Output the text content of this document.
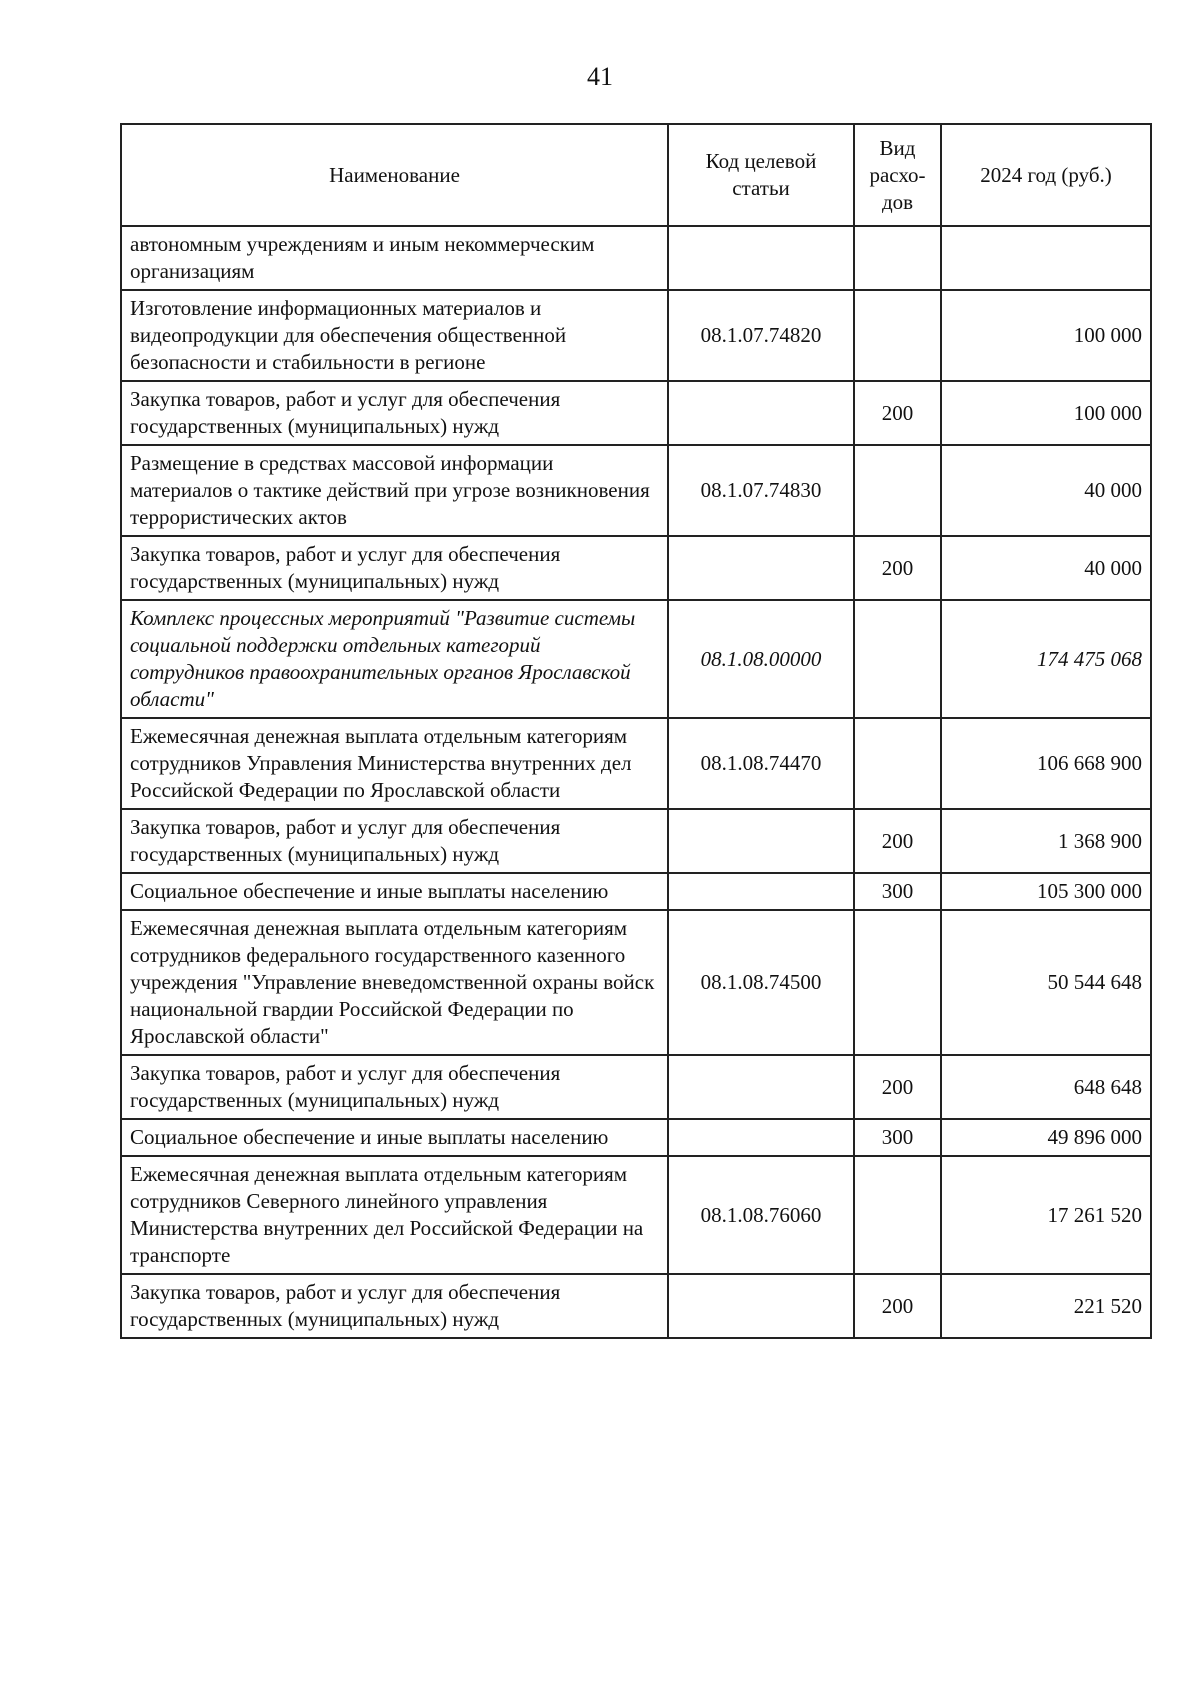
41
Наименование	Код целевой статьи	Вид расхо-дов	2024 год (руб.)
автономным учреждениям и иным некоммерческим организациям			
Изготовление информационных материалов и видеопродукции для обеспечения общественной безопасности и стабильности в регионе	08.1.07.74820		100 000
Закупка товаров, работ и услуг для обеспечения государственных (муниципальных) нужд		200	100 000
Размещение в средствах массовой информации материалов о тактике действий при угрозе возникновения террористических актов	08.1.07.74830		40 000
Закупка товаров, работ и услуг для обеспечения государственных (муниципальных) нужд		200	40 000
Комплекс процессных мероприятий "Развитие системы социальной поддержки отдельных категорий сотрудников правоохранительных органов Ярославской области"	08.1.08.00000		174 475 068
Ежемесячная денежная выплата отдельным категориям сотрудников Управления Министерства внутренних дел Российской Федерации по Ярославской области	08.1.08.74470		106 668 900
Закупка товаров, работ и услуг для обеспечения государственных (муниципальных) нужд		200	1 368 900
Социальное обеспечение и иные выплаты населению		300	105 300 000
Ежемесячная денежная выплата отдельным категориям сотрудников федерального государственного казенного учреждения "Управление вневедомственной охраны войск национальной гвардии Российской Федерации по Ярославской области"	08.1.08.74500		50 544 648
Закупка товаров, работ и услуг для обеспечения государственных (муниципальных) нужд		200	648 648
Социальное обеспечение и иные выплаты населению		300	49 896 000
Ежемесячная денежная выплата отдельным категориям сотрудников Северного линейного управления Министерства внутренних дел Российской Федерации на транспорте	08.1.08.76060		17 261 520
Закупка товаров, работ и услуг для обеспечения государственных (муниципальных) нужд		200	221 520
